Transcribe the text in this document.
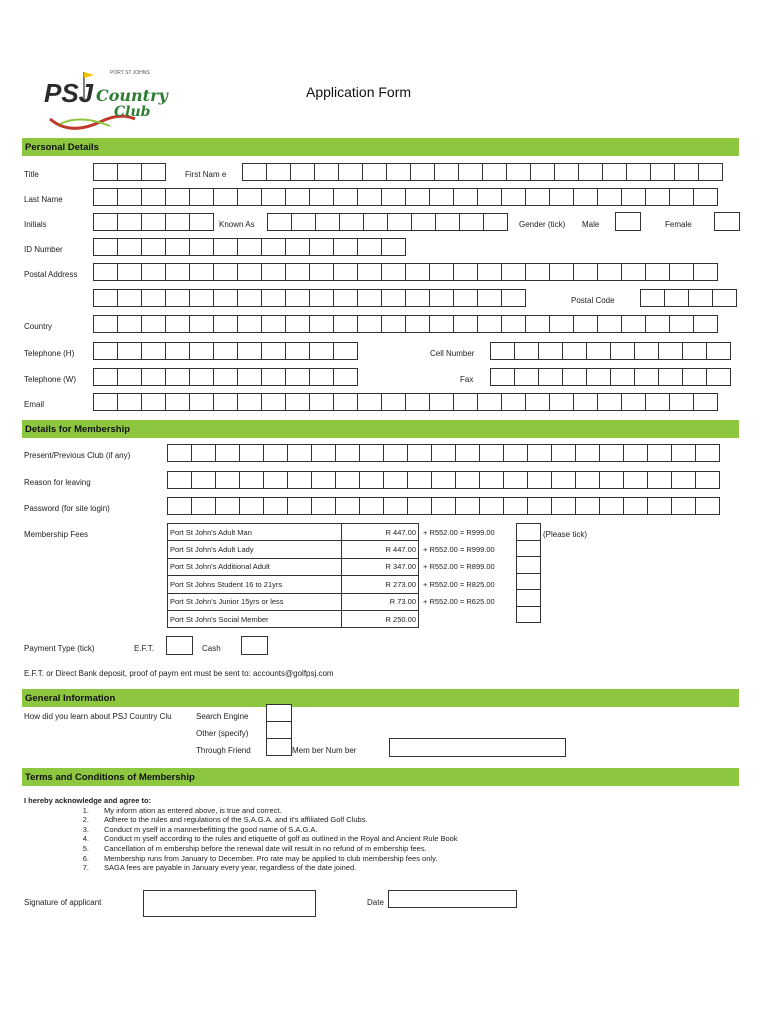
PORT ST JOHNS
PSJ Country
Club
Application Form
Personal Details
Title	First Nam e
Last Name
Initials	Known As	Gender (tick) Male	Female
ID Number
Postal Address
Postal Code
Country
Telephone (H)	Cell Number
Telephone (W)	Fax
Email
Details for Membership
Present/Previous Club (if any)
Reason for leaving
Password (for site login)
Membership Fees	Port St John's Adult Man	R 447.00	+ R552.00 = R999.00
Port St John's Adult Lady	R 447.00	+ R552.00 = R999.00
Port St John's Additional Adult	R 347.00	+ R552.00 = R899.00
Port St Johns Student 16 to 21yrs	R 273.00	+ R552.00 = R825.00
Port St John's Junior 15yrs or less	R 73.00	+ R552.00 = R625.00
Port St John's Social Member	R 250.00	
(Please tick)
Payment Type (tick)	E.F.T.	Cash
E.F.T. or Direct Bank deposit, proof of paym ent must be sent to: accounts@golfpsj.com
General Information
How did you learn about PSJ Country Clu	Search Engine
Other (specify)
Through Friend	Mem ber Num ber
Terms and Conditions of Membership
I hereby acknowledge and agree to:
1.	My inform ation as entered above, is true and correct.
2.	Adhere to the rules and regulations of the S.A.G.A. and it's affiliated Golf Clubs.
3.	Conduct m yself in a mannerbefitting the good name of S.A.G.A.
4.	Conduct m yself according to the rules and etiquette of golf as outlined in the Royal and Ancient Rule Book
5.	Cancellation of m embership before the renewal date will result in no refund of m embership fees.
6.	Membership runs from January to December. Pro rate may be applied to club membership fees only.
7.	SAGA fees are payable in January every year, regardless of the date joined.
Signature of applicant	Date
